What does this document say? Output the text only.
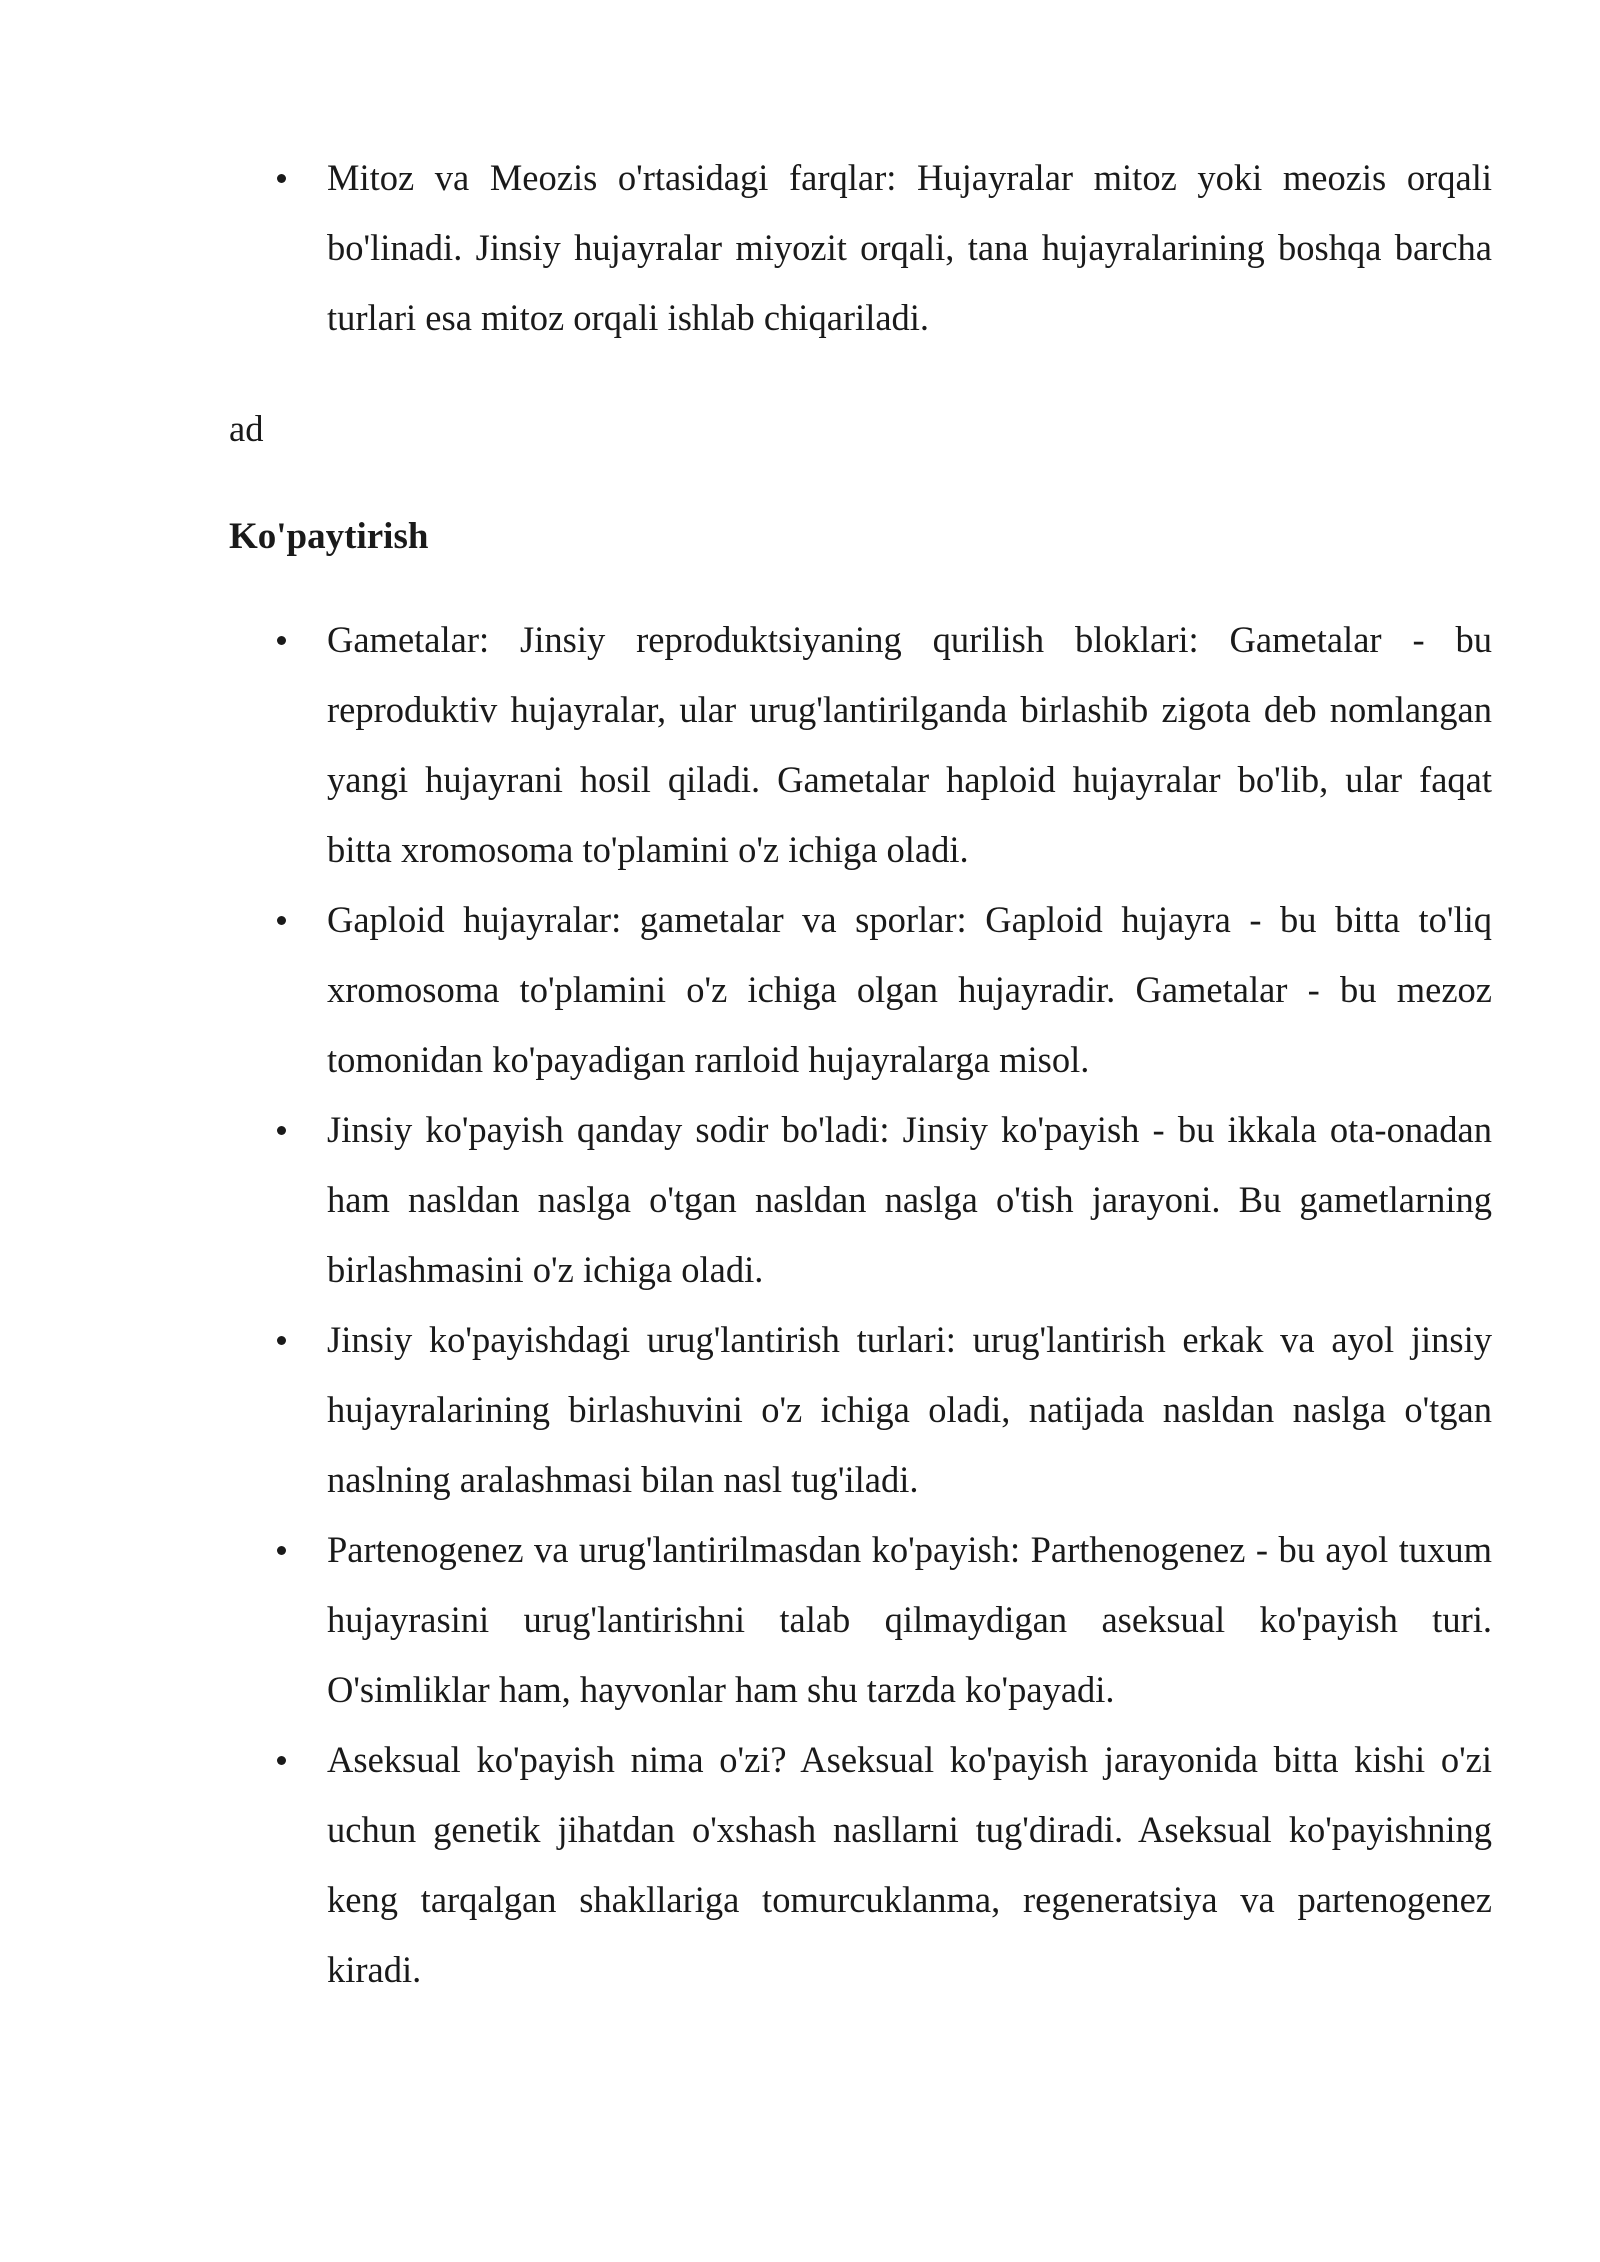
Mitoz va Meozis o'rtasidagi farqlar: Hujayralar mitoz yoki meozis orqali bo'linadi. Jinsiy hujayralar miyozit orqali, tana hujayralarining boshqa barcha turlari esa mitoz orqali ishlab chiqariladi.
ad
Ko'paytirish
Gametalar: Jinsiy reproduktsiyaning qurilish bloklari: Gametalar - bu reproduktiv hujayralar, ular urug'lantirilganda birlashib zigota deb nomlangan yangi hujayrani hosil qiladi. Gametalar haploid hujayralar bo'lib, ular faqat bitta xromosoma to'plamini o'z ichiga oladi.
Gaploid hujayralar: gametalar va sporlar: Gaploid hujayra - bu bitta to'liq xromosoma to'plamini o'z ichiga olgan hujayradir. Gametalar - bu mezoz tomonidan ko'payadigan raпloid hujayralarga misol.
Jinsiy ko'payish qanday sodir bo'ladi: Jinsiy ko'payish - bu ikkala ota-onadan ham nasldan naslga o'tgan nasldan naslga o'tish jarayoni. Bu gametlarning birlashmasini o'z ichiga oladi.
Jinsiy ko'payishdagi urug'lantirish turlari: urug'lantirish erkak va ayol jinsiy hujayralarining birlashuvini o'z ichiga oladi, natijada nasldan naslga o'tgan naslning aralashmasi bilan nasl tug'iladi.
Partenogenez va urug'lantirilmasdan ko'payish: Parthenogenez - bu ayol tuxum hujayrasini urug'lantirishni talab qilmaydigan aseksual ko'payish turi. O'simliklar ham, hayvonlar ham shu tarzda ko'payadi.
Aseksual ko'payish nima o'zi? Aseksual ko'payish jarayonida bitta kishi o'zi uchun genetik jihatdan o'xshash nasllarni tug'diradi. Aseksual ko'payishning keng tarqalgan shakllariga tomurcuklanma, regeneratsiya va partenogenez kiradi.
